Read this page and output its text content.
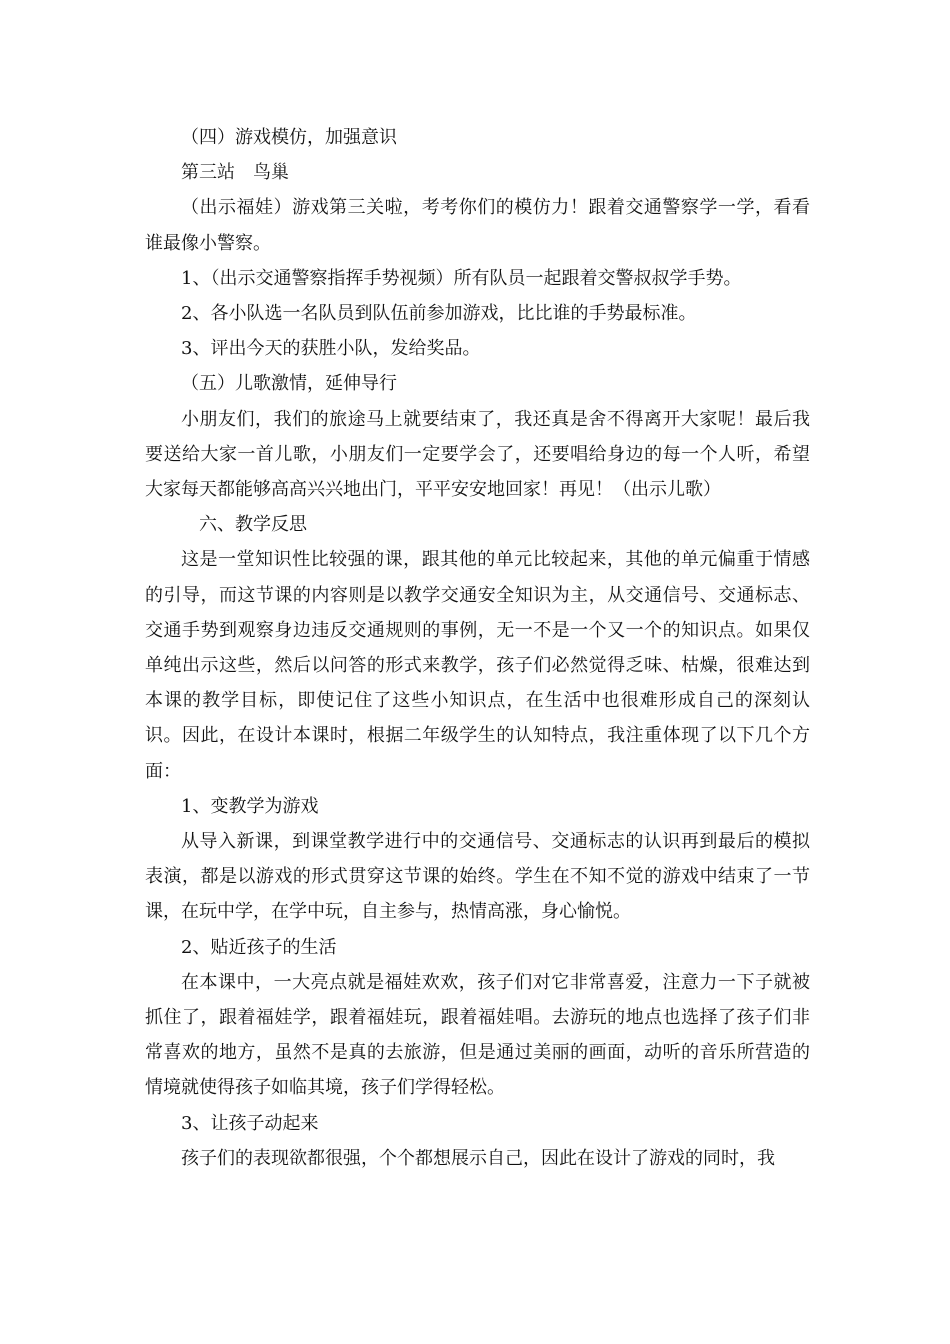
（四）游戏模仿，加强意识

第三站　鸟巢

（出示福娃）游戏第三关啦，考考你们的模仿力！跟着交通警察学一学，看看谁最像小警察。

1、（出示交通警察指挥手势视频）所有队员一起跟着交警叔叔学手势。

2、各小队选一名队员到队伍前参加游戏，比比谁的手势最标准。

3、评出今天的获胜小队，发给奖品。

（五）儿歌激情，延伸导行

小朋友们，我们的旅途马上就要结束了，我还真是舍不得离开大家呢！最后我要送给大家一首儿歌，小朋友们一定要学会了，还要唱给身边的每一个人听，希望大家每天都能够高高兴兴地出门，平平安安地回家！再见！（出示儿歌）

六、教学反思

这是一堂知识性比较强的课，跟其他的单元比较起来，其他的单元偏重于情感的引导，而这节课的内容则是以教学交通安全知识为主，从交通信号、交通标志、交通手势到观察身边违反交通规则的事例，无一不是一个又一个的知识点。如果仅单纯出示这些，然后以问答的形式来教学，孩子们必然觉得乏味、枯燥，很难达到本课的教学目标，即使记住了这些小知识点，在生活中也很难形成自己的深刻认识。因此，在设计本课时，根据二年级学生的认知特点，我注重体现了以下几个方面：

1、变教学为游戏

从导入新课，到课堂教学进行中的交通信号、交通标志的认识再到最后的模拟表演，都是以游戏的形式贯穿这节课的始终。学生在不知不觉的游戏中结束了一节课，在玩中学，在学中玩，自主参与，热情高涨，身心愉悦。

2、贴近孩子的生活

在本课中，一大亮点就是福娃欢欢，孩子们对它非常喜爱，注意力一下子就被抓住了，跟着福娃学，跟着福娃玩，跟着福娃唱。去游玩的地点也选择了孩子们非常喜欢的地方，虽然不是真的去旅游，但是通过美丽的画面，动听的音乐所营造的情境就使得孩子如临其境，孩子们学得轻松。

3、让孩子动起来

孩子们的表现欲都很强，个个都想展示自己，因此在设计了游戏的同时，我
